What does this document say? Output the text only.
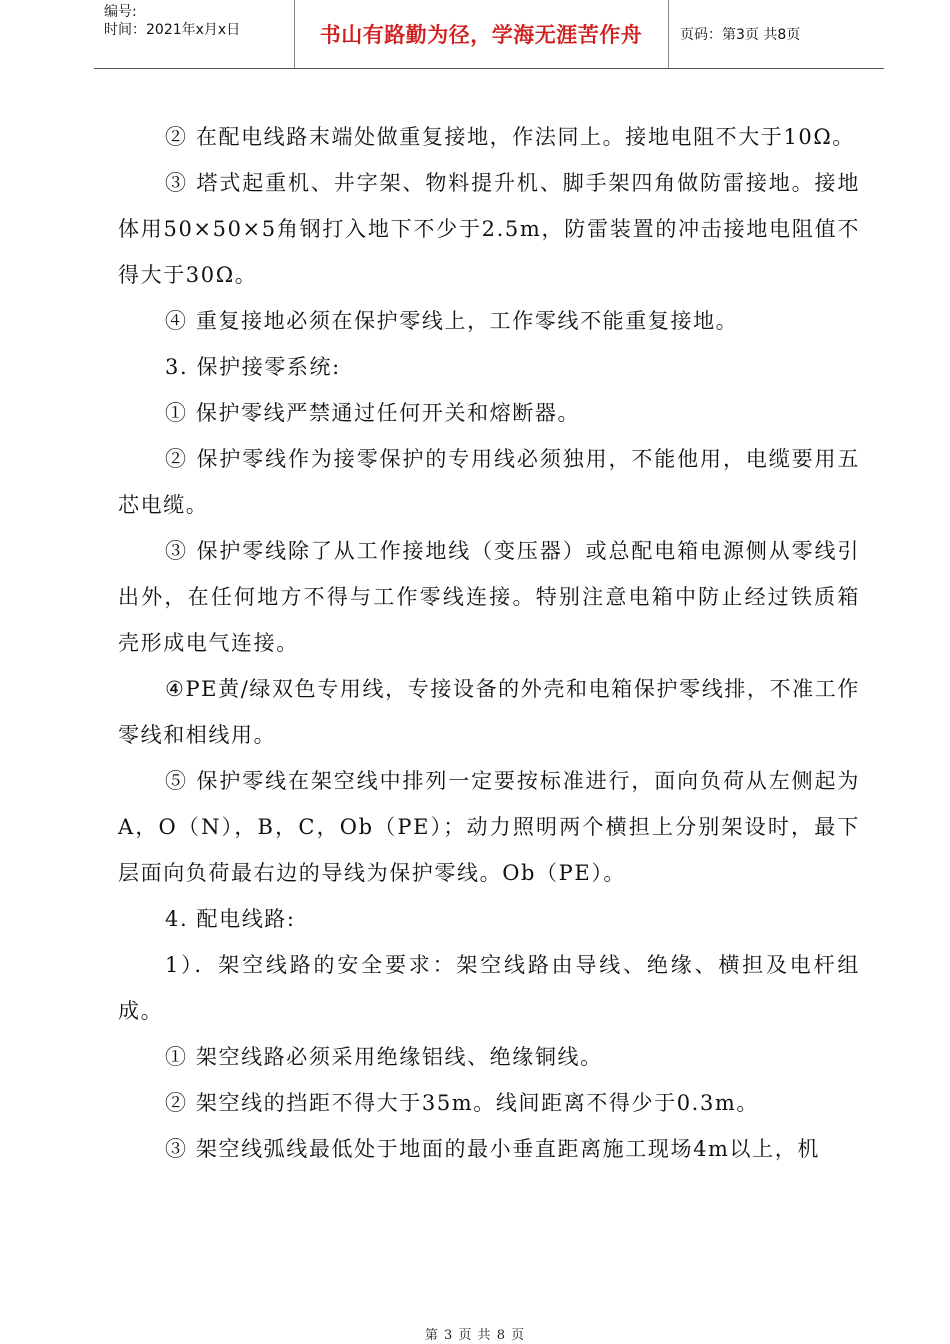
编号:
时间：2021年x月x日	书山有路勤为径，学海无涯苦作舟	页码：第3页 共8页

② 在配电线路末端处做重复接地，作法同上。接地电阻不大于10Ω。

③ 塔式起重机、井字架、物料提升机、脚手架四角做防雷接地。接地体用50×50×5角钢打入地下不少于2.5m，防雷装置的冲击接地电阻值不得大于30Ω。

④ 重复接地必须在保护零线上，工作零线不能重复接地。

3. 保护接零系统:

① 保护零线严禁通过任何开关和熔断器。

② 保护零线作为接零保护的专用线必须独用，不能他用，电缆要用五芯电缆。

③ 保护零线除了从工作接地线（变压器）或总配电箱电源侧从零线引出外，在任何地方不得与工作零线连接。特别注意电箱中防止经过铁质箱壳形成电气连接。

④PE黄/绿双色专用线，专接设备的外壳和电箱保护零线排，不准工作零线和相线用。

⑤ 保护零线在架空线中排列一定要按标准进行，面向负荷从左侧起为A，O（N），B，C，Ob（PE）；动力照明两个横担上分别架设时，最下层面向负荷最右边的导线为保护零线。Ob（PE）。

4. 配电线路:

1）．架空线路的安全要求：架空线路由导线、绝缘、横担及电杆组成。

① 架空线路必须采用绝缘铝线、绝缘铜线。

② 架空线的挡距不得大于35m。线间距离不得少于0.3m。

③ 架空线弧线最低处于地面的最小垂直距离施工现场4m以上，机

第 3 页 共 8 页
